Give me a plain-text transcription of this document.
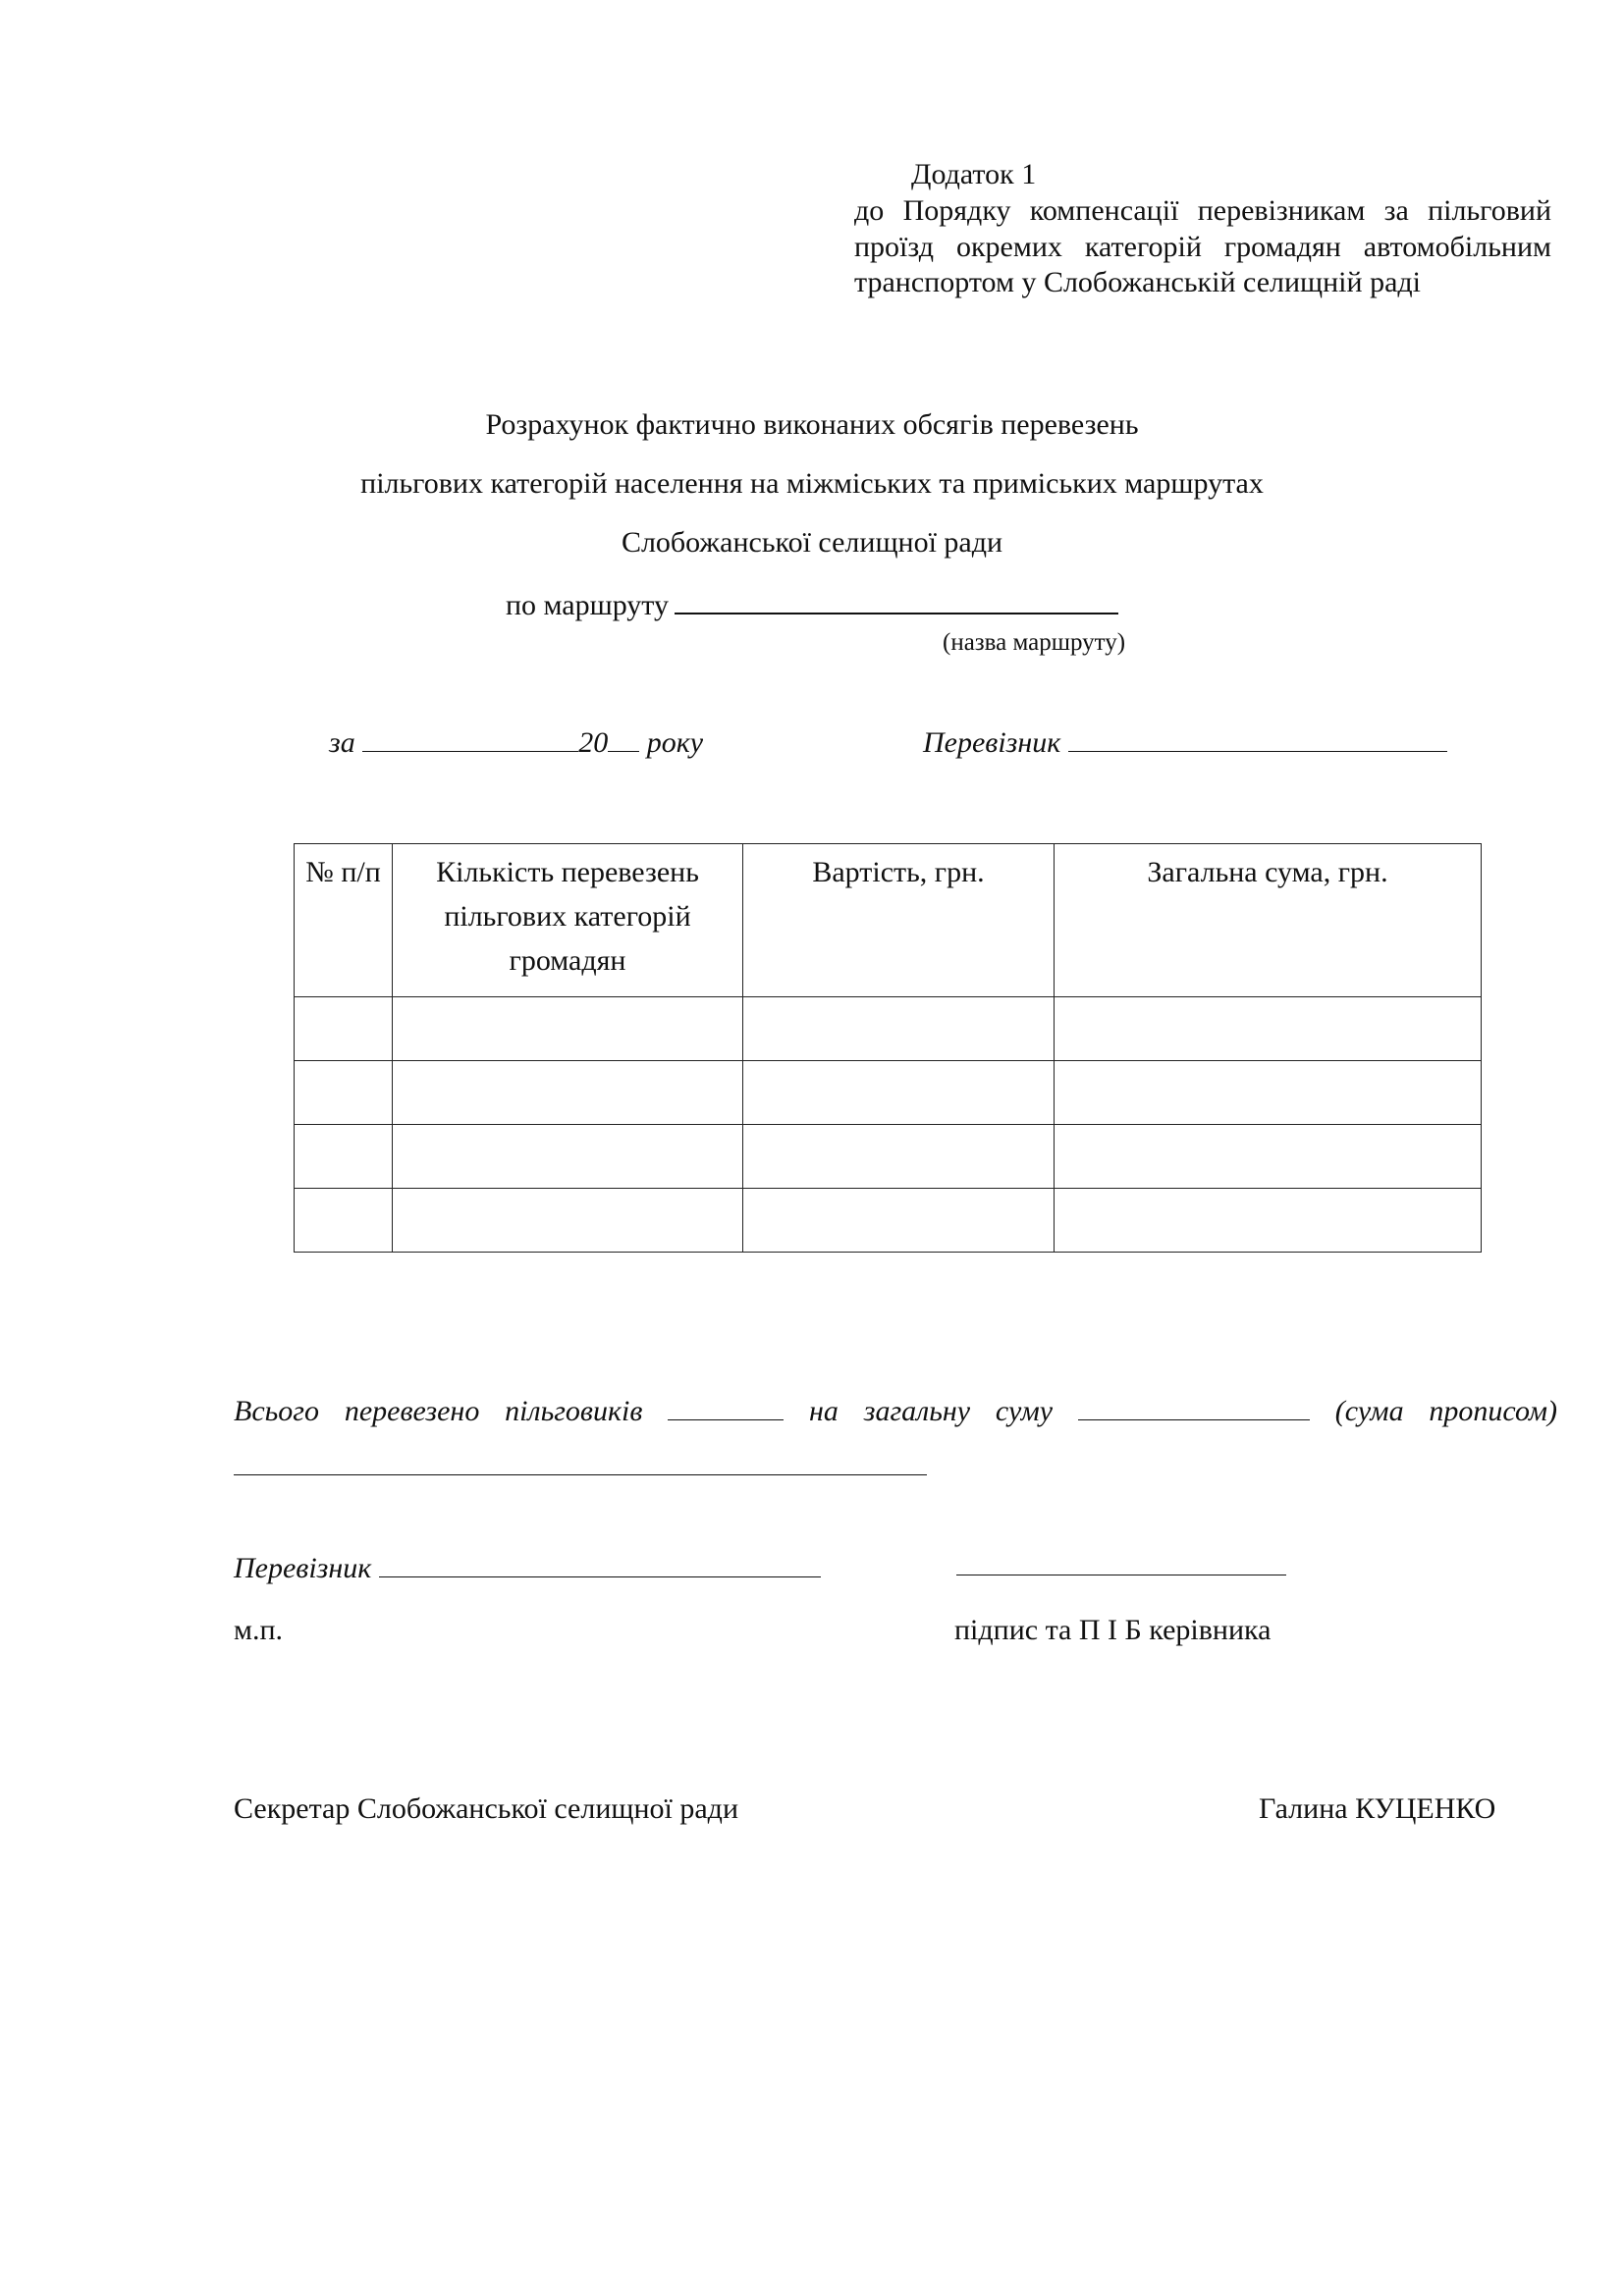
Додаток 1

до Порядку компенсації перевізникам за пільговий проїзд окремих категорій громадян автомобільним транспортом у Слобожанській селищній раді

Розрахунок фактично виконаних обсягів перевезень

пільгових категорій населення на міжміських та приміських маршрутах

Слобожанської селищної ради

по маршруту

(назва маршруту)

за	20 року	Перевізник

№ п/п	Кількість перевезень пільгових категорій громадян	Вартість, грн.	Загальна сума, грн.

Всього перевезено пільговиків	на загальну суму	(сума прописом)

Перевізник

м.п.	підпис та П І Б керівника

Секретар Слобожанської селищної ради	Галина КУЦЕНКО
